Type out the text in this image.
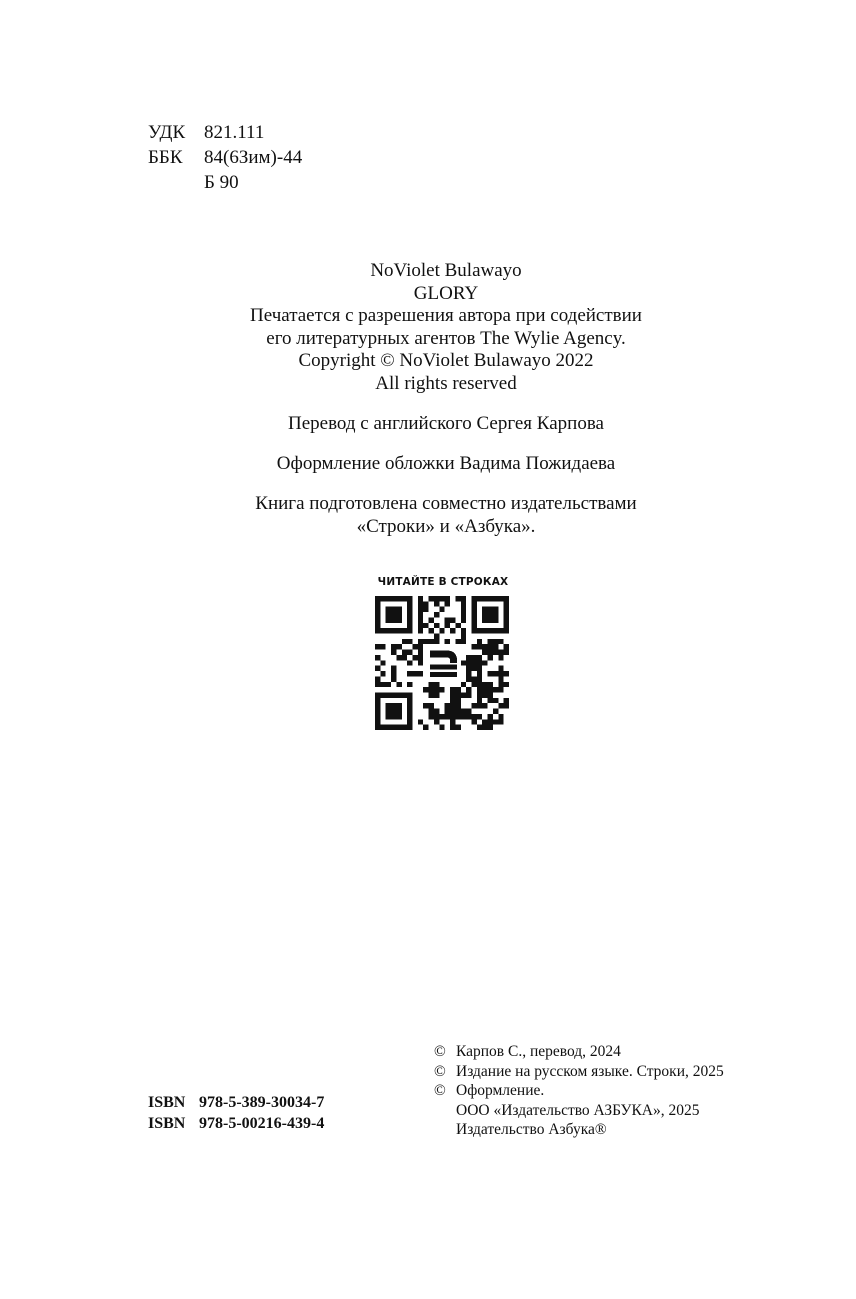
УДК 821.111
ББК 84(6Зим)-44
Б 90
NoViolet Bulawayo
GLORY
Печатается с разрешения автора при содействии
его литературных агентов The Wylie Agency.
Copyright © NoViolet Bulawayo 2022
All rights reserved
Перевод с английского Сергея Карпова
Оформление обложки Вадима Пожидаева
Книга подготовлена совместно издательствами
«Строки» и «Азбука».
ЧИТАЙТЕ В СТРОКАХ
© Карпов С., перевод, 2024
© Издание на русском языке. Строки, 2025
© Оформление.
ООО «Издательство АЗБУКА», 2025
Издательство Азбука®
ISBN 978-5-389-30034-7
ISBN 978-5-00216-439-4
